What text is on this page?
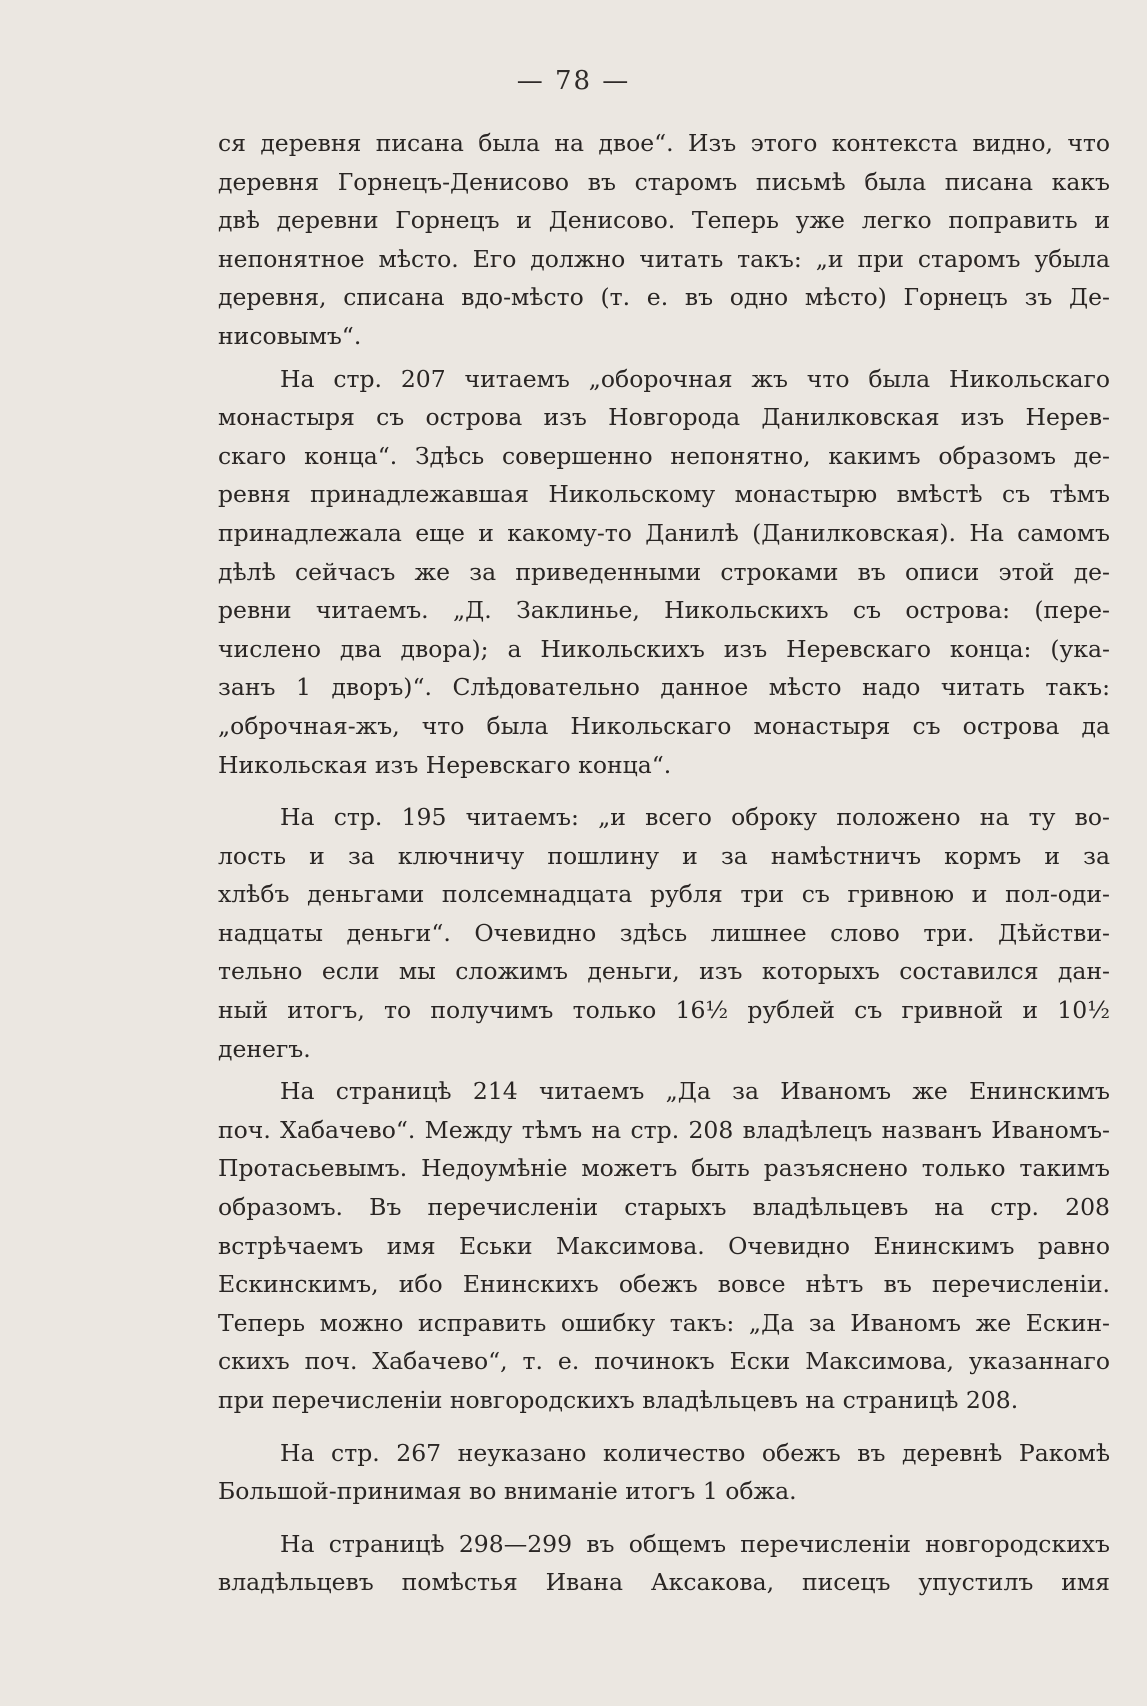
— 78 —
ся деревня писана была на двое“. Изъ этого контекста видно, что
деревня Горнецъ-Денисово въ старомъ письмѣ была писана какъ
двѣ деревни Горнецъ и Денисово. Теперь уже легко поправить и
непонятное мѣсто. Его должно читать такъ: „и при старомъ убыла
деревня, списана вдо-мѣсто (т. е. въ одно мѣсто) Горнецъ зъ Де-
нисовымъ“.
На стр. 207 читаемъ „оборочная жъ что была Никольскаго
монастыря съ острова изъ Новгорода Данилковская изъ Нерев-
скаго конца“. Здѣсь совершенно непонятно, какимъ образомъ де-
ревня принадлежавшая Никольскому монастырю вмѣстѣ съ тѣмъ
принадлежала еще и какому-то Данилѣ (Данилковская). На самомъ
дѣлѣ сейчасъ же за приведенными строками въ описи этой де-
ревни читаемъ. „Д. Заклинье, Никольскихъ съ острова: (пере-
числено два двора); а Никольскихъ изъ Неревскаго конца: (ука-
занъ 1 дворъ)“. Слѣдовательно данное мѣсто надо читать такъ:
„оброчная-жъ, что была Никольскаго монастыря съ острова да
Никольская изъ Неревскаго конца“.
На стр. 195 читаемъ: „и всего оброку положено на ту во-
лость и за ключничу пошлину и за намѣстничъ кормъ и за
хлѣбъ деньгами полсемнадцата рубля три съ гривною и пол-оди-
надцаты деньги“. Очевидно здѣсь лишнее слово три. Дѣйстви-
тельно если мы сложимъ деньги, изъ которыхъ составился дан-
ный итогъ, то получимъ только 16½ рублей съ гривной и 10½
денегъ.
На страницѣ 214 читаемъ „Да за Иваномъ же Енинскимъ
поч. Хабачево“. Между тѣмъ на стр. 208 владѣлецъ названъ Иваномъ-
Протасьевымъ. Недоумѣніе можетъ быть разъяснено только такимъ
образомъ. Въ перечисленіи старыхъ владѣльцевъ на стр. 208
встрѣчаемъ имя Еськи Максимова. Очевидно Енинскимъ равно
Ескинскимъ, ибо Енинскихъ обежъ вовсе нѣтъ въ перечисленіи.
Теперь можно исправить ошибку такъ: „Да за Иваномъ же Ескин-
скихъ поч. Хабачево“, т. е. починокъ Ески Максимова, указаннаго
при перечисленіи новгородскихъ владѣльцевъ на страницѣ 208.
На стр. 267 неуказано количество обежъ въ деревнѣ Ракомѣ
Большой-принимая во вниманіе итогъ 1 обжа.
На страницѣ 298—299 въ общемъ перечисленіи новгородскихъ
владѣльцевъ помѣстья Ивана Аксакова, писецъ упустилъ имя
